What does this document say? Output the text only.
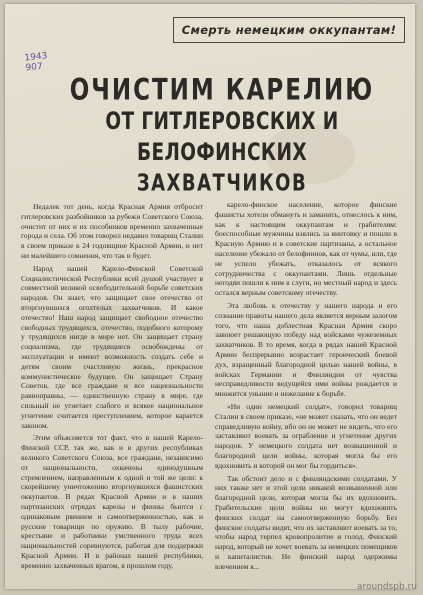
Смерть немецким оккупантам!
1943
907
ОЧИСТИМ КАРЕЛИЮ
ОТ ГИТЛЕРОВСКИХ И БЕЛОФИНСКИХ
ЗАХВАТЧИКОВ

Недалек тот день, когда Красная Армия отбросит гитлеровских разбойников за рубежи Советского Союза, очистит от них и их пособников временно захваченные города и села. Об этом говорил недавно товарищ Сталин в своем приказе к 24 годовщине Красной Армии, и нет ни малейшего сомнения, что так и будет.

Народ нашей Карело-Финской Советской Социалистической Республики всей душой участвует в совместной великой освободительной борьбе советских народов. Он знает, что защищает свое отечество от вторгнувшихся оголтелых захватчиков. И какое отечество! Наш народ защищает свободное отечество свободных трудящихся, отечество, подобного которому у трудящихся нигде в мире нет. Он защищает страну социализма, где трудящиеся освобождены от эксплуатации и имеют возможность создать себе и детям своим счастливую жизнь, прекрасное коммунистическое будущее. Он защищает Страну Советов, где все граждане и все национальности равноправны, — единственную страну в мире, где сильный не угнетает слабого и всякое национальное угнетение считается преступлением, которое карается законом.

Этим объясняется тот факт, что в нашей Карело-Финской ССР, так же, как и в других республиках великого Советского Союза, все граждане, независимо от национальности, охвачены единодушным стремлением, направленным к одной и той же цели: к скорейшему уничтожению вторгнувшихся фашистских оккупантов. В рядах Красной Армии и в наших партизанских отрядах карелы и финны бьются с одинаковым рвением и самоотверженностью, как и русские товарищи по оружию. В тылу рабочие, крестьяне и работники умственного труда всех национальностей соревнуются, работая для поддержки Красной Армии. И в районах нашей республики, временно захваченных врагом, в прошлом году,

карело-финское население, которое финские фашисты хотели обмануть и заманить, отнеслось к ним, как к настоящим оккупантам и грабителям: боеспособные мужчины взялись за винтовку и пошли в Красную Армию и в советские партизаны, а остальное население убежало от белофиннов, как от чумы, или, где не успело убежать, отказалось от всякого сотрудничества с оккупантами. Лишь отдельные негодяи пошли к ним в слуги, но местный народ и здесь остался верным советскому отечеству.

Эта любовь к отечеству у нашего народа и его сознание правоты нашего дела является верным залогом того, что наша доблестная Красная Армия скоро завоюет решающую победу над войсками чужеземных захватчиков. В то время, когда в рядах нашей Красной Армии беспрерывно возрастает героический боевой дух, взращенный благородной целью нашей войны, в войсках Германии и Финляндии от чувства несправедливости ведущейся ими войны рождается и множится уныние и нежелание к борьбе.

«Ни один немецкий солдат», говорил товарищ Сталин в своем приказе, «не может сказать, что он ведет справедливую войну, ибо он не может не видеть, что его заставляют воевать за ограбление и угнетение других народов. У немецкого солдата нет возвышенной и благородной цели войны, которая могла бы его вдохновить и которой он мог бы гордиться».

Так обстоит дело и с финляндскими солдатами. У них также нет и этой цели никакой возвышенной или благородной цели, которая могла бы их вдохновить. Грабительские цели войны не могут вдохновить финских солдат на самоотверженную борьбу. Без финские солдаты видят, что их заставляют воевать за то, чтобы народ терпел кровопролитие и голод. Финский народ, который не хочет воевать за немецких помещиков и капиталистов. Не финский народ одержимы влечением к...

aroundspb.ru
